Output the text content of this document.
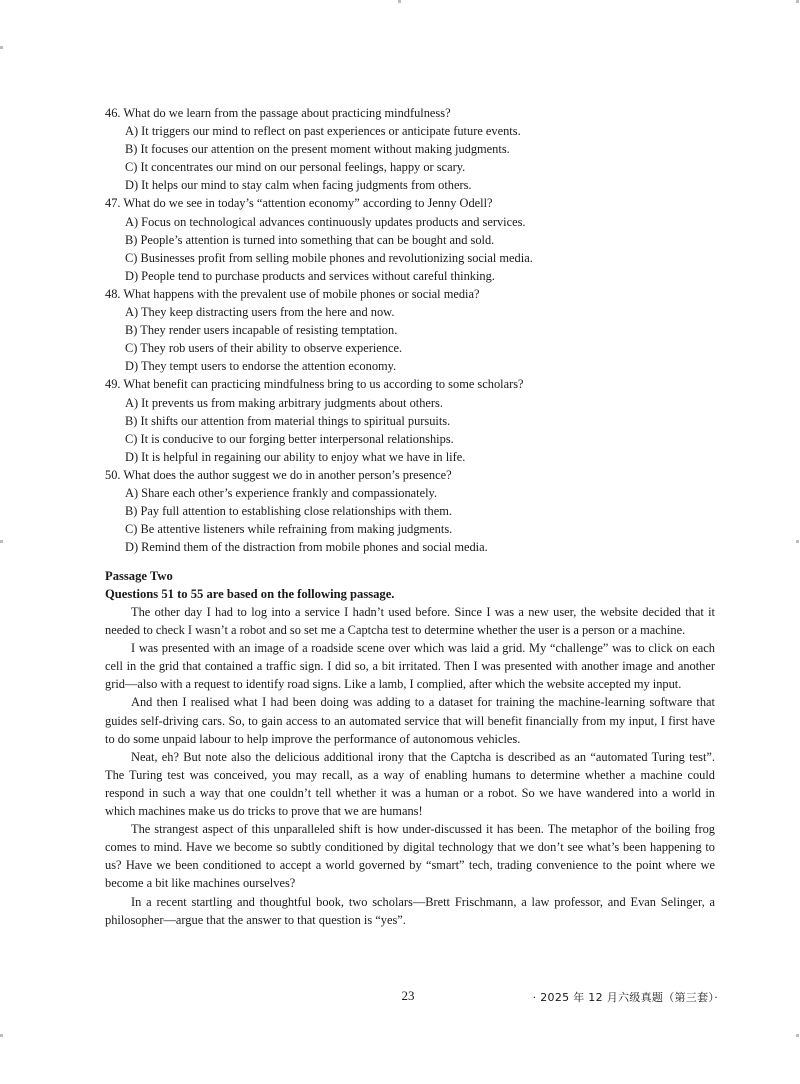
46. What do we learn from the passage about practicing mindfulness?
A) It triggers our mind to reflect on past experiences or anticipate future events.
B) It focuses our attention on the present moment without making judgments.
C) It concentrates our mind on our personal feelings, happy or scary.
D) It helps our mind to stay calm when facing judgments from others.
47. What do we see in today’s “attention economy” according to Jenny Odell?
A) Focus on technological advances continuously updates products and services.
B) People’s attention is turned into something that can be bought and sold.
C) Businesses profit from selling mobile phones and revolutionizing social media.
D) People tend to purchase products and services without careful thinking.
48. What happens with the prevalent use of mobile phones or social media?
A) They keep distracting users from the here and now.
B) They render users incapable of resisting temptation.
C) They rob users of their ability to observe experience.
D) They tempt users to endorse the attention economy.
49. What benefit can practicing mindfulness bring to us according to some scholars?
A) It prevents us from making arbitrary judgments about others.
B) It shifts our attention from material things to spiritual pursuits.
C) It is conducive to our forging better interpersonal relationships.
D) It is helpful in regaining our ability to enjoy what we have in life.
50. What does the author suggest we do in another person’s presence?
A) Share each other’s experience frankly and compassionately.
B) Pay full attention to establishing close relationships with them.
C) Be attentive listeners while refraining from making judgments.
D) Remind them of the distraction from mobile phones and social media.
Passage Two
Questions 51 to 55 are based on the following passage.

The other day I had to log into a service I hadn’t used before. Since I was a new user, the website decided that it needed to check I wasn’t a robot and so set me a Captcha test to determine whether the user is a person or a machine.

I was presented with an image of a roadside scene over which was laid a grid. My “challenge” was to click on each cell in the grid that contained a traffic sign. I did so, a bit irritated. Then I was presented with another image and another grid—also with a request to identify road signs. Like a lamb, I complied, after which the website accepted my input.

And then I realised what I had been doing was adding to a dataset for training the machine-learning software that guides self-driving cars. So, to gain access to an automated service that will benefit financially from my input, I first have to do some unpaid labour to help improve the performance of autonomous vehicles.

Neat, eh? But note also the delicious additional irony that the Captcha is described as an “automated Turing test”. The Turing test was conceived, you may recall, as a way of enabling humans to determine whether a machine could respond in such a way that one couldn’t tell whether it was a human or a robot. So we have wandered into a world in which machines make us do tricks to prove that we are humans!

The strangest aspect of this unparalleled shift is how under-discussed it has been. The metaphor of the boiling frog comes to mind. Have we become so subtly conditioned by digital technology that we don’t see what’s been happening to us? Have we been conditioned to accept a world governed by “smart” tech, trading convenience to the point where we become a bit like machines ourselves?

In a recent startling and thoughtful book, two scholars—Brett Frischmann, a law professor, and Evan Selinger, a philosopher—argue that the answer to that question is “yes”.

23	· 2025 年 12 月六级真题（第三套）·
